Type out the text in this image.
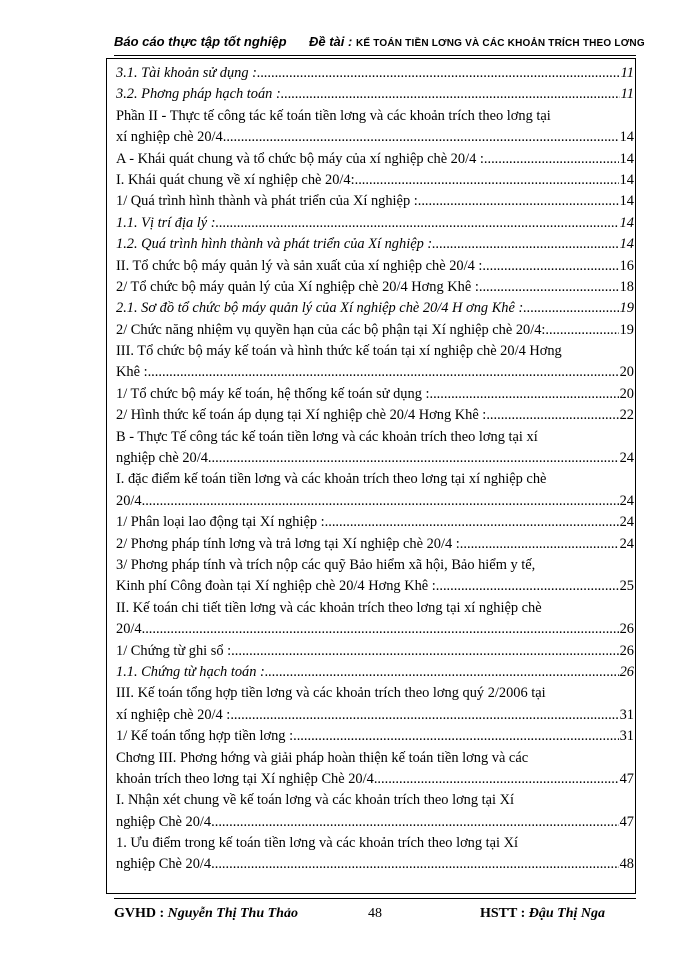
Báo cáo thực tập tốt nghiệp Đề tài : KẾ TOÁN TIỀN LƠNG VÀ CÁC KHOẢN TRÍCH THEO LƠNG
3.1. Tài khoản sử dụng : .....	11
3.2. Phơng pháp hạch toán : .....	11
Phần II - Thực tế công tác kế toán tiền lơng và các khoản trích theo lơng tại
xí nghiệp chè 20/4 .....	14
A - Khái quát chung và tổ chức bộ máy của xí nghiệp chè 20/4 : .....	14
I. Khái quát chung về xí nghiệp chè 20/4: .....	14
1/ Quá trình hình thành và phát triển của Xí nghiệp : .....	14
1.1. Vị trí địa lý : .....	14
1.2. Quá trình hình thành và phát triển của Xí nghiệp : .....	14
II. Tổ chức bộ máy quản lý và sản xuất của xí nghiệp chè 20/4 : .....	16
2/ Tổ chức bộ máy quản lý của Xí nghiệp chè 20/4 Hơng Khê : .....	18
2.1. Sơ đồ tổ chức bộ máy quản lý của Xí nghiệp chè 20/4 H ơng Khê : .....	19
2/ Chức năng nhiệm vụ quyền hạn của các bộ phận tại Xí nghiệp chè 20/4: .....	19
III. Tổ chức bộ máy kế toán và hình thức kế toán tại xí nghiệp chè 20/4 Hơng
Khê : .....	20
1/ Tổ chức bộ máy kế toán, hệ thống kế toán sử dụng : .....	20
2/ Hình thức kế toán áp dụng tại Xí nghiệp chè 20/4 Hơng Khê : .....	22
B - Thực Tế công tác kế toán tiền lơng và các khoản trích theo lơng tại xí
nghiệp chè 20/4 .....	24
I. đặc điểm kế toán tiền lơng và các khoản trích theo lơng tại xí nghiệp chè
20/4 .....	24
1/ Phân loại lao động tại Xí nghiệp : .....	24
2/ Phơng pháp tính lơng và trả lơng tại Xí nghiệp chè 20/4 : .....	24
3/ Phơng pháp tính và trích nộp các quỹ Bảo hiểm xã hội, Bảo hiểm y tế,
Kinh phí Công đoàn tại Xí nghiệp chè 20/4 Hơng Khê : .....	25
II. Kế toán chi tiết tiền lơng và các khoản trích theo lơng tại xí nghiệp chè
20/4 .....	26
1/ Chứng từ ghi sổ : .....	26
1.1. Chứng từ hạch toán : .....	26
III. Kế toán tổng hợp tiền lơng và các khoản trích theo lơng quý 2/2006 tại
xí nghiệp chè 20/4 : .....	31
1/ Kế toán tổng hợp tiền lơng : .....	31
Chơng III. Phơng hớng và giải pháp hoàn thiện kế toán tiền lơng và các
khoản trích theo lơng tại Xí nghiệp Chè 20/4 .....	47
I. Nhận xét chung về kế toán lơng và các khoản trích theo lơng tại Xí
nghiệp Chè 20/4 .....	47
1. Ưu điểm trong kế toán tiền lơng và các khoản trích theo lơng tại Xí
nghiệp Chè 20/4 .....	48
GVHD : Nguyễn Thị Thu Thảo	48	HSTT : Đậu Thị Nga
